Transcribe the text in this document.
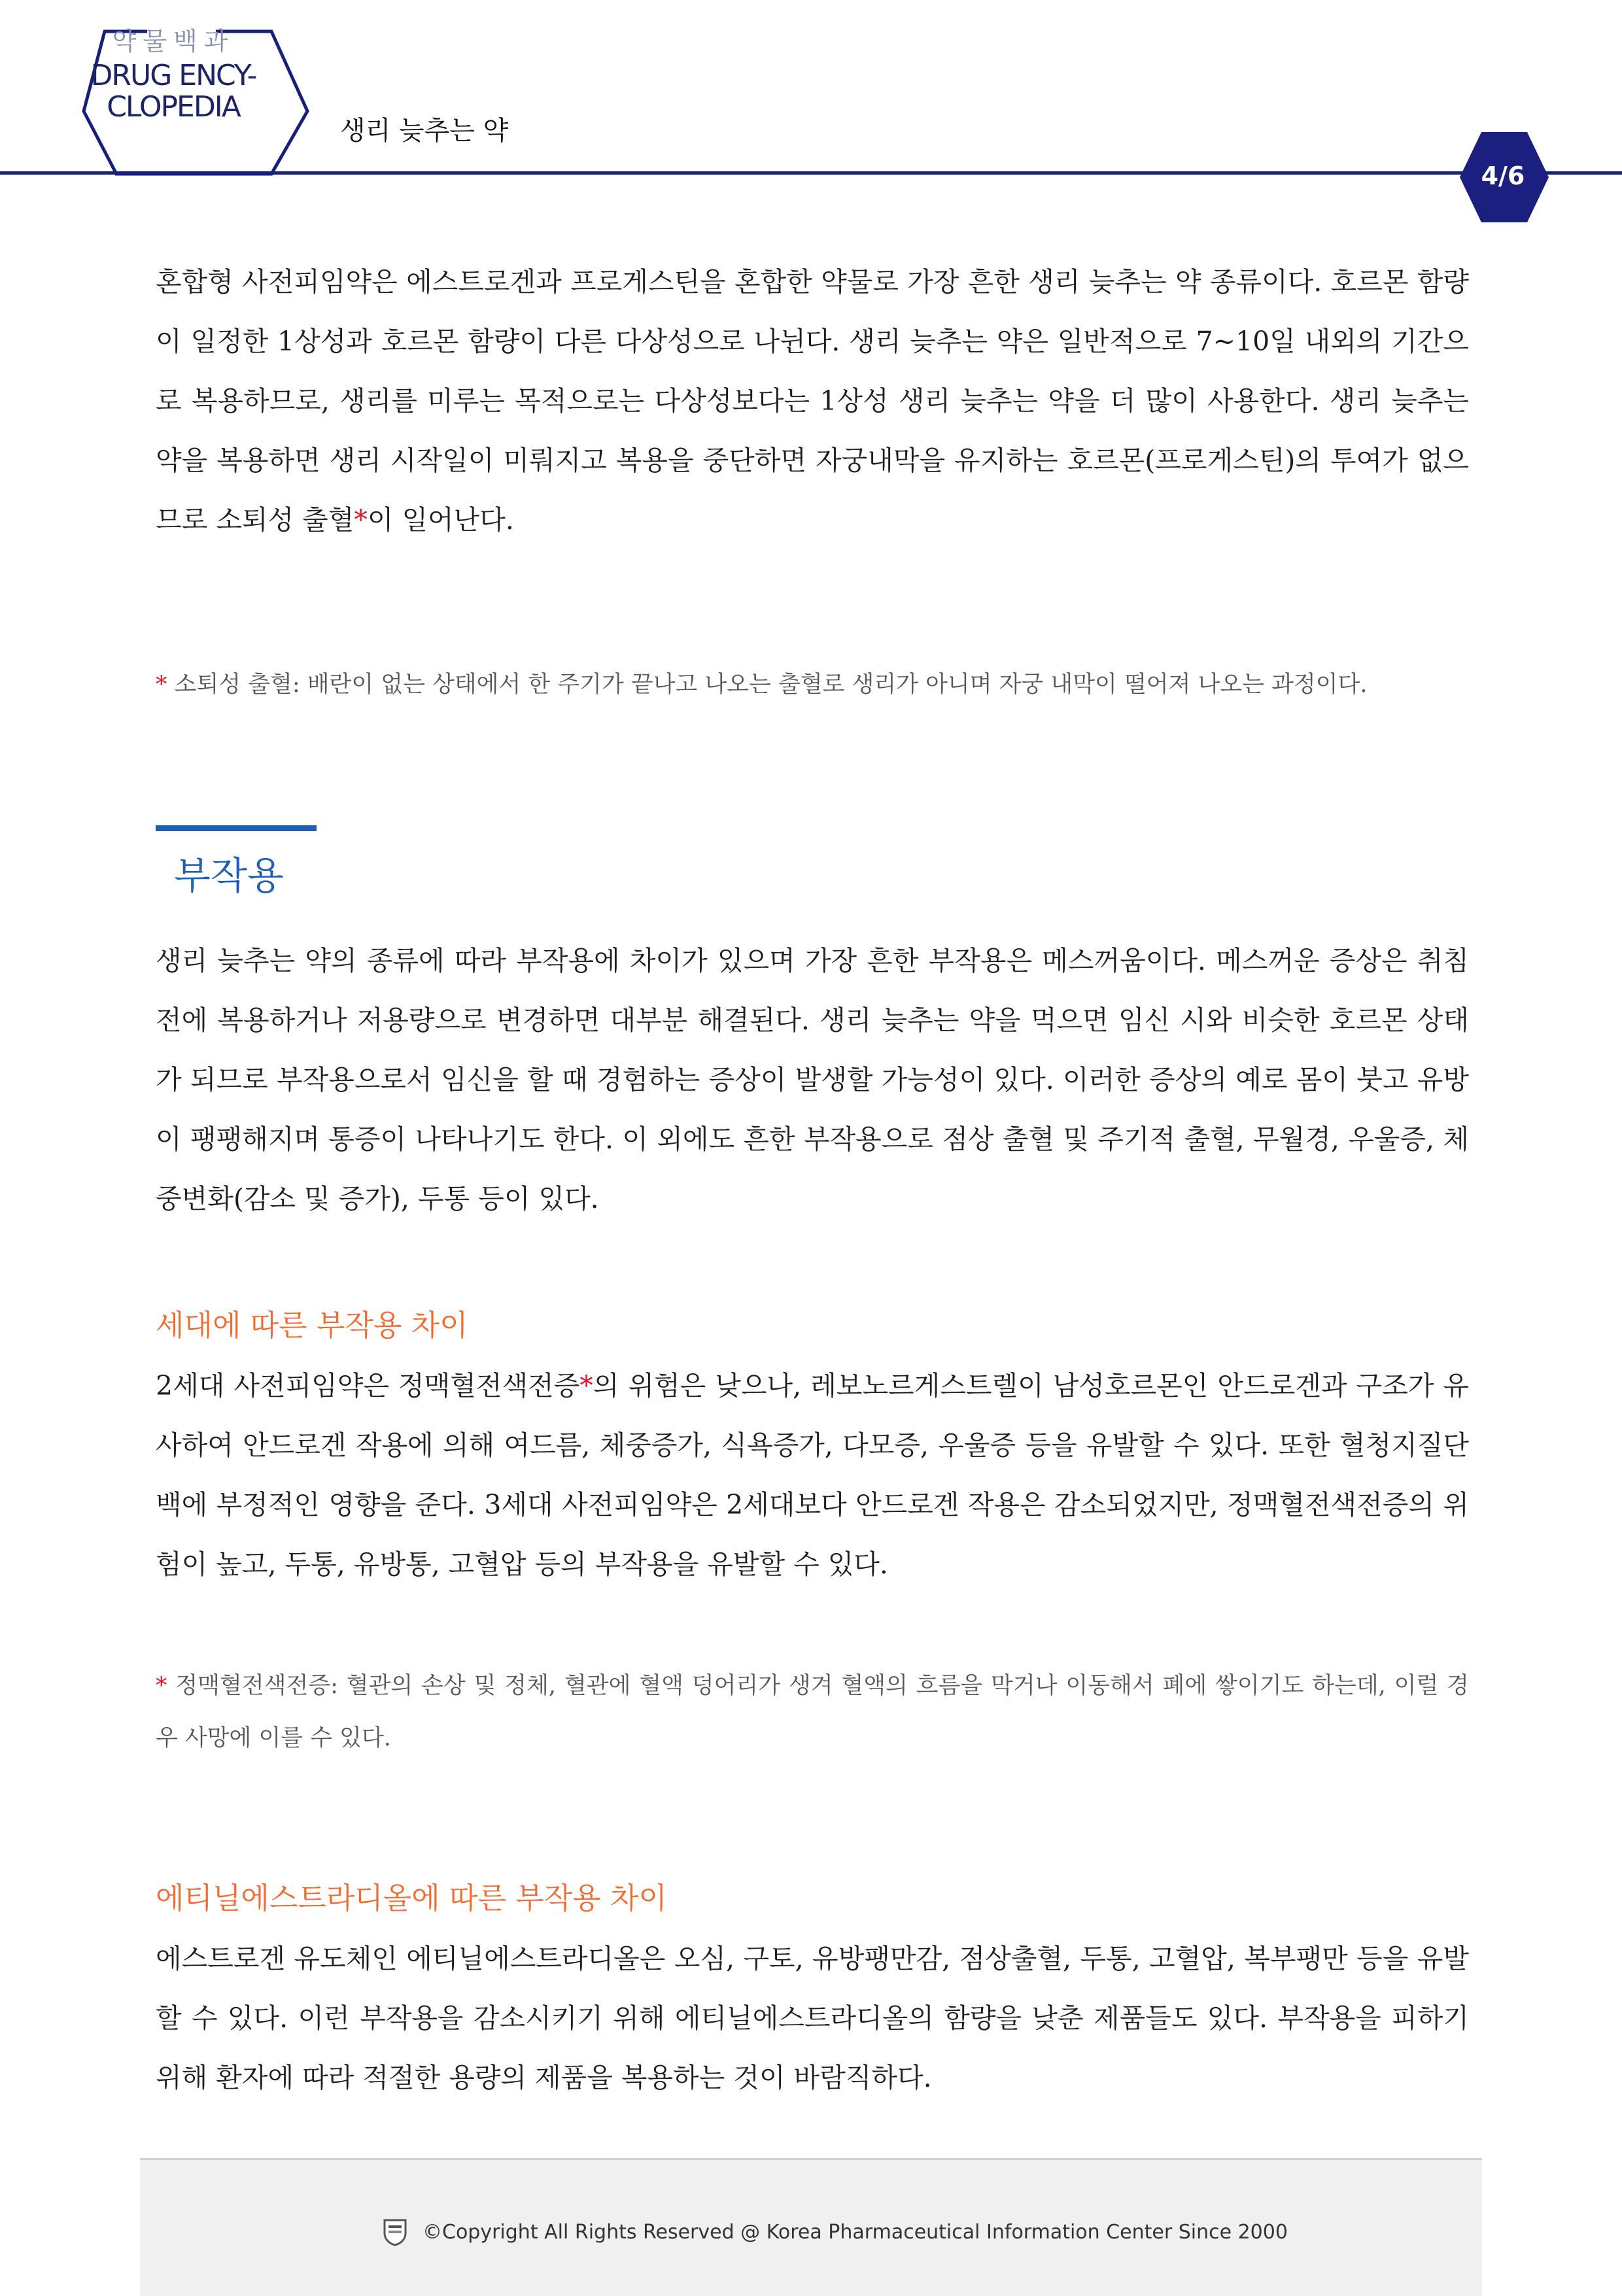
약물백과
DRUG ENCY-
CLOPEDIA
생리 늦추는 약
4/6

혼합형 사전피임약은 에스트로겐과 프로게스틴을 혼합한 약물로 가장 흔한 생리 늦추는 약 종류이다. 호르몬 함량이 일정한 1상성과 호르몬 함량이 다른 다상성으로 나뉜다. 생리 늦추는 약은 일반적으로 7~10일 내외의 기간으로 복용하므로, 생리를 미루는 목적으로는 다상성보다는 1상성 생리 늦추는 약을 더 많이 사용한다. 생리 늦추는 약을 복용하면 생리 시작일이 미뤄지고 복용을 중단하면 자궁내막을 유지하는 호르몬(프로게스틴)의 투여가 없으므로 소퇴성 출혈*이 일어난다.

* 소퇴성 출혈: 배란이 없는 상태에서 한 주기가 끝나고 나오는 출혈로 생리가 아니며 자궁 내막이 떨어져 나오는 과정이다.

부작용

생리 늦추는 약의 종류에 따라 부작용에 차이가 있으며 가장 흔한 부작용은 메스꺼움이다. 메스꺼운 증상은 취침 전에 복용하거나 저용량으로 변경하면 대부분 해결된다. 생리 늦추는 약을 먹으면 임신 시와 비슷한 호르몬 상태가 되므로 부작용으로서 임신을 할 때 경험하는 증상이 발생할 가능성이 있다. 이러한 증상의 예로 몸이 붓고 유방이 팽팽해지며 통증이 나타나기도 한다. 이 외에도 흔한 부작용으로 점상 출혈 및 주기적 출혈, 무월경, 우울증, 체중변화(감소 및 증가), 두통 등이 있다.

세대에 따른 부작용 차이

2세대 사전피임약은 정맥혈전색전증*의 위험은 낮으나, 레보노르게스트렐이 남성호르몬인 안드로겐과 구조가 유사하여 안드로겐 작용에 의해 여드름, 체중증가, 식욕증가, 다모증, 우울증 등을 유발할 수 있다. 또한 혈청지질단백에 부정적인 영향을 준다. 3세대 사전피임약은 2세대보다 안드로겐 작용은 감소되었지만, 정맥혈전색전증의 위험이 높고, 두통, 유방통, 고혈압 등의 부작용을 유발할 수 있다.

* 정맥혈전색전증: 혈관의 손상 및 정체, 혈관에 혈액 덩어리가 생겨 혈액의 흐름을 막거나 이동해서 폐에 쌓이기도 하는데, 이럴 경우 사망에 이를 수 있다.

에티닐에스트라디올에 따른 부작용 차이

에스트로겐 유도체인 에티닐에스트라디올은 오심, 구토, 유방팽만감, 점상출혈, 두통, 고혈압, 복부팽만 등을 유발할 수 있다. 이런 부작용을 감소시키기 위해 에티닐에스트라디올의 함량을 낮춘 제품들도 있다. 부작용을 피하기 위해 환자에 따라 적절한 용량의 제품을 복용하는 것이 바람직하다.

©Copyright All Rights Reserved @ Korea Pharmaceutical Information Center Since 2000
